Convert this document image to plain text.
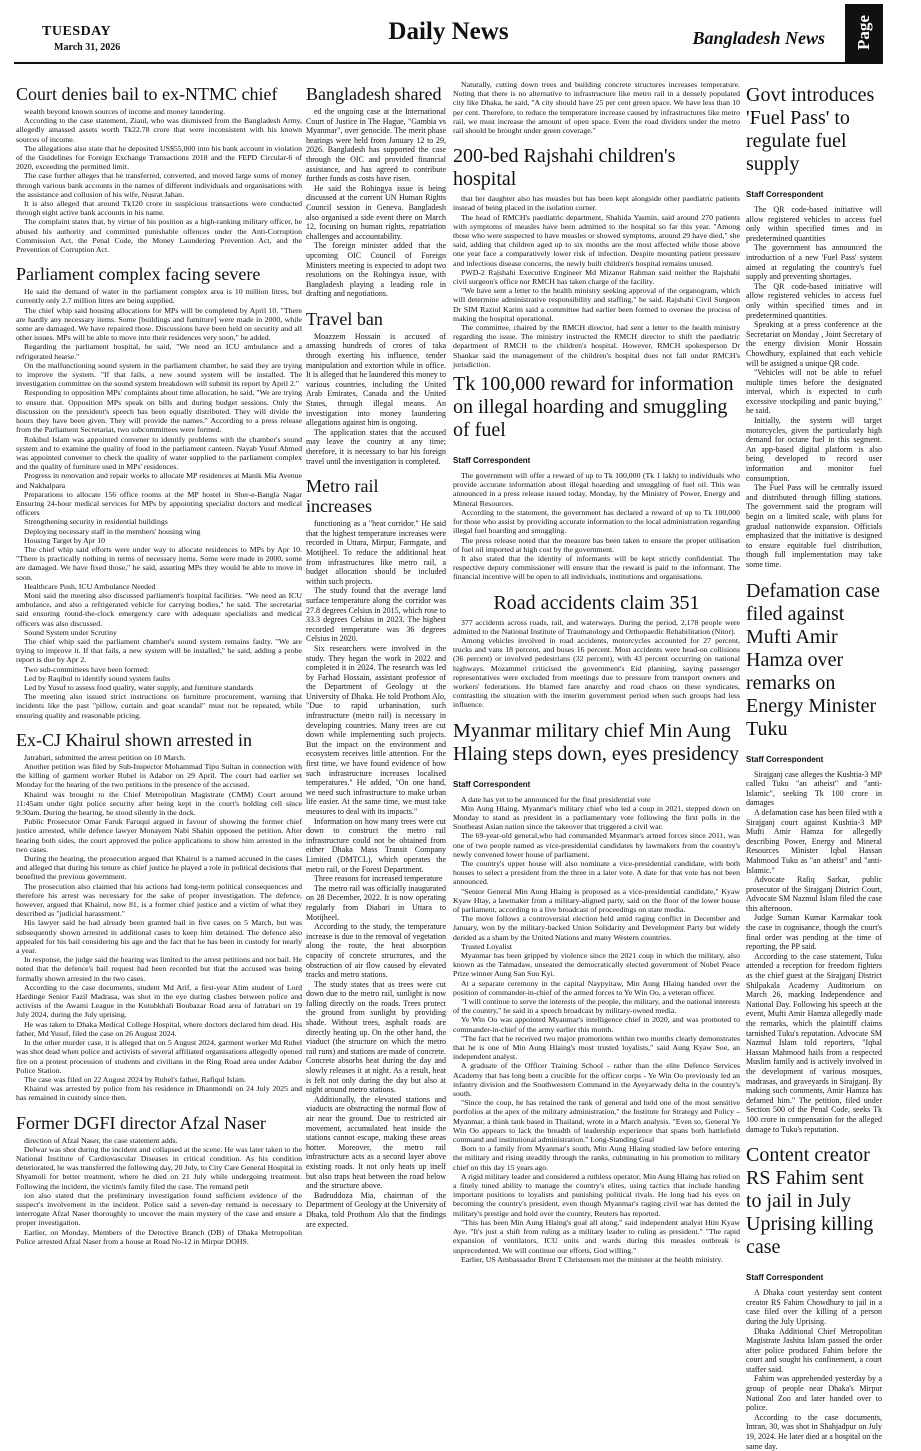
TUESDAY
March 31, 2026
Daily News	Bangladesh News	Page 11
Court denies bail to ex-NTMC chief

wealth beyond known sources of income and money laundering.

According to the case statement, Ziaul, who was dismissed from the Bangladesh Army, allegedly amassed assets worth Tk22.78 crore that were inconsistent with his known sources of income.

The allegations also state that he deposited US$55,000 into his bank account in violation of the Guidelines for Foreign Exchange Transactions 2018 and the FEPD Circular-6 of 2020, exceeding the permitted limit.

The case further alleges that he transferred, converted, and moved large sums of money through various bank accounts in the names of different individuals and organisations with the assistance and collusion of his wife, Nusrat Jahan.

It is also alleged that around Tk120 crore in suspicious transactions were conducted through eight active bank accounts in his name.

The complaint states that, by virtue of his position as a high-ranking military officer, he abused his authority and committed punishable offences under the Anti-Corruption Commission Act, the Penal Code, the Money Laundering Prevention Act, and the Prevention of Corruption Act.

Parliament complex facing severe

He said the demand of water in the parliament complex area is 10 million litres, but currently only 2.7 million litres are being supplied.

The chief whip said housing allocations for MPs will be completed by April 10. "There are hardly any necessary items. Some [buildings and furniture] were made in 2000, while some are damaged. We have repaired those. Discussions have been held on security and all other issues. MPs will be able to move into their residences very soon," he added.

Regarding the parliament hospital, he said, "We need an ICU ambulance and a refrigerated hearse."

On the malfunctioning sound system in the parliament chamber, he said they are trying to improve the system. "If that fails, a new sound system will be installed. The investigation committee on the sound system breakdown will submit its report by April 2."

Responding to opposition MPs' complaints about time allocation, he said, "We are trying to ensure that. Opposition MPs speak on bills and during budget sessions. Only the discussion on the president's speech has been equally distributed. They will divide the hours they have been given. They will provide the names." According to a press release from the Parliament Secretariat, two subcommittees were formed.

Rokibul Islam was appointed convener to identify problems with the chamber's sound system and to examine the quality of food in the parliament canteen. Nayab Yusuf Ahmed was appointed convener to check the quality of water supplied to the parliament complex and the quality of furniture used in MPs' residences.

Progress in renovation and repair works to allocate MP residences at Manik Mia Avenue and Nakhalpara

Preparations to allocate 156 office rooms at the MP hostel in Sher-e-Bangla Nagar Ensuring 24-hour medical services for MPs by appointing specialist doctors and medical officers

Strengthening security in residential buildings

Deploying necessary staff in the members' housing wing

Housing Target by Apr 10

The chief whip said efforts were under way to allocate residences to MPs by Apr 10. "There is practically nothing in terms of necessary items. Some were made in 2000, some are damaged. We have fixed those," he said, assuring MPs they would be able to move in soon.

Healthcare Push, ICU Ambulance Needed

Moni said the meeting also discussed parliament's hospital facilities. "We need an ICU ambulance, and also a refrigerated vehicle for carrying bodies," he said. The secretariat said ensuring round-the-clock emergency care with adequate specialists and medical officers was also discussed.

Sound System under Scrutiny

The chief whip said the parliament chamber's sound system remains faulty. "We are trying to improve it. If that fails, a new system will be installed," he said, adding a probe report is due by Apr 2.

Two sub-committees have been formed:

Led by Raqibul to identify sound system faults

Led by Yusuf to assess food quality, water supply, and furniture standards

The meeting also issued strict instructions on furniture procurement, warning that incidents like the past "pillow, curtain and goat scandal" must not be repeated, while ensuring quality and reasonable pricing.

Ex-CJ Khairul shown arrested in

Jatrabari, submitted the arrest petition on 10 March.

Another petition was filed by Sub-Inspector Mohammad Tipu Sultan in connection with the killing of garment worker Rubel in Adabor on 29 April. The court had earlier set Monday for the hearing of the two petitions in the presence of the accused.

Khairul was brought to the Chief Metropolitan Magistrate (CMM) Court around 11:45am under tight police security after being kept in the court's holding cell since 9:30am. During the hearing, he stood silently in the dock.

Public Prosecutor Omar Faruk Faruqui argued in favour of showing the former chief justice arrested, while defence lawyer Monayem Nabi Shahin opposed the petition. After hearing both sides, the court approved the police applications to show him arrested in the two cases.

During the hearing, the prosecution argued that Khairul is a named accused in the cases and alleged that during his tenure as chief justice he played a role in political decisions that benefited the previous government.

The prosecution also claimed that his actions had long-term political consequences and therefore his arrest was necessary for the sake of proper investigation. The defence, however, argued that Khairul, now 81, is a former chief justice and a victim of what they described as "judicial harassment."

His lawyer said he had already been granted bail in five cases on 5 March, but was subsequently shown arrested in additional cases to keep him detained. The defence also appealed for his bail considering his age and the fact that he has been in custody for nearly a year.

In response, the judge said the hearing was limited to the arrest petitions and not bail. He noted that the defence's bail request had been recorded but that the accused was being formally shown arrested in the two cases.

According to the case documents, student Md Arif, a first-year Alim student of Lord Hardinge Senior Fazil Madrasa, was shot in the eye during clashes between police and activists of the Awami League in the Kutubkhali Boubazar Road area of Jatrabari on 19 July 2024, during the July uprising.

He was taken to Dhaka Medical College Hospital, where doctors declared him dead. His father, Md Yusuf, filed the case on 26 August 2024.

In the other murder case, it is alleged that on 5 August 2024, garment worker Md Rubel was shot dead when police and activists of several affiliated organisations allegedly opened fire on a protest procession of students and civilians in the Ring Road area under Adabor Police Station.

The case was filed on 22 August 2024 by Rubel's father, Rafiqul Islam.

Khairul was arrested by police from his residence in Dhanmondi on 24 July 2025 and has remained in custody since then.

Former DGFI director Afzal Naser

direction of Afzal Naser, the case statement adds.

Delwar was shot during the incident and collapsed at the scene. He was later taken to the National Institute of Cardiovascular Diseases in critical condition. As his condition deteriorated, he was transferred the following day, 20 July, to City Care General Hospital in Shyamoli for better treatment, where he died on 21 July while undergoing treatment. Following the incident, the victim's family filed the case. The remand petit

ion also stated that the preliminary investigation found sufficient evidence of the suspect's involvement in the incident. Police said a seven-day remand is necessary to interrogate Afzal Naser thoroughly to uncover the main mystery of the case and ensure a proper investigation.

Earlier, on Monday, Members of the Detective Branch (DB) of Dhaka Metropolitan Police arrested Afzal Naser from a house at Road No-12 in Mirpur DOHS.

Bangladesh shared

ed the ongoing case at the International Court of Justice in The Hague, "Gambia vs Myanmar", over genocide. The merit phase hearings were held from January 12 to 29, 2026. Bangladesh has supported the case through the OIC and provided financial assistance, and has agreed to contribute further funds as costs have risen.

He said the Rohingya issue is being discussed at the current UN Human Rights Council session in Geneva. Bangladesh also organised a side event there on March 12, focusing on human rights, repatriation challenges and accountability.

The foreign minister added that the upcoming OIC Council of Foreign Ministers meeting is expected to adopt two resolutions on the Rohingya issue, with Bangladesh playing a leading role in drafting and negotiations.

Travel ban

Moazzem Hossain is accused of amassing hundreds of crores of taka through exerting his influence, tender manipulation and extortion while in office. It is alleged that he laundered this money to various countries, including the United Arab Emirates, Canada and the United States, through illegal means. An investigation into money laundering allegations against him is ongoing.

The application states that the accused may leave the country at any time; therefore, it is necessary to bar his foreign travel until the investigation is completed.

Metro rail increases

functioning as a "heat corridor." He said that the highest temperature increases were recorded in Uttara, Mirpur, Farmgate, and Motijheel. To reduce the additional heat from infrastructures like metro rail, a budget allocation should be included within such projects.

The study found that the average land surface temperature along the corridor was 27.8 degrees Celsius in 2015, which rose to 33.3 degrees Celsius in 2023. The highest recorded temperature was 36 degrees Celsius in 2020.

Six researchers were involved in the study. They began the work in 2022 and completed it in 2024. The research was led by Farhad Hossain, assistant professor of the Department of Geology at the University of Dhaka. He told Prothom Alo, "Due to rapid urbanisation, such infrastructure (metro rail) is necessary in developing countries. Many trees are cut down while implementing such projects. But the impact on the environment and ecosystem receives little attention. For the first time, we have found evidence of how such infrastructure increases localised temperatures." He added, "On one hand, we need such infrastructure to make urban life easier. At the same time, we must take measures to deal with its impacts."

Information on how many trees were cut down to construct the metro rail infrastructure could not be obtained from either Dhaka Mass Transit Company Limited (DMTCL), which operates the metro rail, or the Forest Department.

Three reasons for increased temperature

The metro rail was officially inaugurated on 28 December, 2022. It is now operating regularly from Diabari in Uttara to Motijheel.

According to the study, the temperature increase is due to the removal of vegetation along the route, the heat absorption capacity of concrete structures, and the obstruction of air flow caused by elevated tracks and metro stations.

The study states that as trees were cut down due to the metro rail, sunlight is now falling directly on the roads. Trees protect the ground from sunlight by providing shade. Without trees, asphalt roads are directly heating up. On the other hand, the viaduct (the structure on which the metro rail runs) and stations are made of concrete. Concrete absorbs heat during the day and slowly releases it at night. As a result, heat is felt not only during the day but also at night around metro stations.

Additionally, the elevated stations and viaducts are obstructing the normal flow of air near the ground. Due to restricted air movement, accumulated heat inside the stations cannot escape, making these areas hotter. Moreover, the metro rail infrastructure acts as a second layer above existing roads. It not only heats up itself but also traps heat between the road below and the structure above.

Badruddoza Mia, chairman of the Department of Geology at the University of Dhaka, told Prothom Alo that the findings are expected.

Naturally, cutting down trees and building concrete structures increases temperature. Noting that there is no alternative to infrastructure like metro rail in a densely populated city like Dhaka, he said, "A city should have 25 per cent green space. We have less than 10 per cent. Therefore, to reduce the temperature increase caused by infrastructures like metro rail, we must increase the amount of open space. Even the road dividers under the metro rail should be brought under green coverage."

200-bed Rajshahi children's hospital

that her daughter also has measles but has been kept alongside other paediatric patients instead of being placed in the isolation corner.

The head of RMCH's paediatric department, Shahida Yasmin, said around 270 patients with symptoms of measles have been admitted to the hospital so far this year. "Among those who were suspected to have measles or showed symptoms, around 29 have died," she said, adding that children aged up to six months are the most affected while those above one year face a comparatively lower risk of infection. Despite mounting patient pressure and infectious disease concerns, the newly built children's hospital remains unused.

PWD-2 Rajshahi Executive Engineer Md Mizanur Rahman said neither the Rajshahi civil surgeon's office nor RMCH has taken charge of the facility.

"We have sent a letter to the health ministry seeking approval of the organogram, which will determine administrative responsibility and staffing," he said. Rajshahi Civil Surgeon Dr SIM Raziul Karim said a committee had earlier been formed to oversee the process of making the hospital operational.

The committee, chaired by the RMCH director, had sent a letter to the health ministry regarding the issue. The ministry instructed the RMCH director to shift the paediatric department of RMCH to the children's hospital. However, RMCH spokesperson Dr Shankar said the management of the children's hospital does not fall under RMCH's jurisdiction.

Tk 100,000 reward for information on illegal hoarding and smuggling of fuel
Staff Correspondent

The government will offer a reward of up to Tk 100,000 (Tk 1 lakh) to individuals who provide accurate information about illegal hoarding and smuggling of fuel oil. This was announced in a press release issued today, Monday, by the Ministry of Power, Energy and Mineral Resources.

According to the statement, the government has declared a reward of up to Tk 100,000 for those who assist by providing accurate information to the local administration regarding illegal fuel hoarding and smuggling.

The press release noted that the measure has been taken to ensure the proper utilisation of fuel oil imported at high cost by the government.

It also stated that the identity of informants will be kept strictly confidential. The respective deputy commissioner will ensure that the reward is paid to the informant. The financial incentive will be open to all individuals, institutions and organisations.

Road accidents claim 351

377 accidents across roads, rail, and waterways. During the period, 2,178 people were admitted to the National Institute of Traumatology and Orthopaedic Rehabilitation (Nitor).

Among vehicles involved in road accidents, motorcycles accounted for 27 percent, trucks and vans 18 percent, and buses 16 percent. Most accidents were head-on collisions (36 percent) or involved pedestrians (32 percent), with 43 percent occurring on national highways. Mozammel criticised the government's Eid planning, saying passenger representatives were excluded from meetings due to pressure from transport owners and workers' federations. He blamed fare anarchy and road chaos on these syndicates, contrasting the situation with the interim government period when such groups had less influence.

Myanmar military chief Min Aung Hlaing steps down, eyes presidency
Staff Correspondent

A date has yet to be announced for the final presidential vote

Min Aung Hlaing, Myanmar's military chief who led a coup in 2021, stepped down on Monday to stand as president in a parliamentary vote following the first polls in the Southeast Asian nation since the takeover that triggered a civil war.

The 69-year-old general,who had commanded Myanmar's armed forces since 2011, was one of two people named as vice-presidential candidates by lawmakers from the country's newly convened lower house of parliament.

The country's upper house will also nominate a vice-presidential candidate, with both houses to select a president from the three in a later vote. A date for that vote has not been announced.

"Senior General Min Aung Hlaing is proposed as a vice-presidential candidate," Kyaw Kyaw Htay, a lawmaker from a military-aligned party, said on the floor of the lower house of parliament, according to a live broadcast of proceedings on state media.

The move follows a controversial election held amid raging conflict in December and January, won by the military-backed Union Solidarity and Development Party but widely derided as a sham by the United Nations and many Western countries.

Trusted Loyalist

Myanmar has been gripped by violence since the 2021 coup in which the military, also known as the Tatmadaw, unseated the democratically elected government of Nobel Peace Prize winner Aung San Suu Kyi.

At a separate ceremony in the capital Naypyitaw, Min Aung Hlaing handed over the position of commander-in-chief of the armed forces to Ye Win Oo, a veteran officer.

"I will continue to serve the interests of the people, the military, and the national interests of the country," he said in a speech broadcast by military-owned media.

Ye Win Oo was appointed Myanmar's intelligence chief in 2020, and was promoted to commander-in-chief of the army earlier this month.

"The fact that he received two major promotions within two months clearly demonstrates that he is one of Min Aung Hlaing's most trusted loyalists," said Aung Kyaw Soe, an independent analyst.

A graduate of the Officer Training School - rather than the elite Defence Services Academy that has long been a crucible for the officer corps - Ye Win Oo previously led an infantry division and the Southwestern Command in the Ayeyarwady delta in the country's south.

"Since the coup, he has retained the rank of general and held one of the most sensitive portfolios at the apex of the military administration," the Institute for Strategy and Policy – Myanmar, a think tank based in Thailand, wrote in a March analysis. "Even so, General Ye Win Oo appears to lack the breadth of leadership experience that spans both battlefield command and institutional administration." Long-Standing Goal

Born to a family from Myanmar's south, Min Aung Hlaing studied law before entering the military and rising steadily through the ranks, culminating in his promotion to military chief on this day 15 years ago.

A rigid military leader and considered a ruthless operator, Min Aung Hlaing has relied on a finely tuned ability to manage the country's elites, using tactics that include handing important positions to loyalists and punishing political rivals. He long had his eyes on becoming the country's president, even though Myanmar's raging civil war has dented the military's prestige and hold over the country, Reuters has reported.

"This has been Min Aung Hlaing's goal all along," said independent analyst Htin Kyaw Aye. "It's just a shift from ruling as a military leader to ruling as president." "The rapid expansion of ventilators, ICU units and wards during this measles outbreak is unprecedented. We will continue our efforts, God willing."

Earlier, US Ambassador Brent T Christensen met the minister at the health ministry.

Govt introduces 'Fuel Pass' to regulate fuel supply
Staff Correspondent

The QR code-based initiative will allow registered vehicles to access fuel only within specified times and in predetermined quantities

The government has announced the introduction of a new 'Fuel Pass' system aimed at regulating the country's fuel supply and preventing shortages.

The QR code-based initiative will allow registered vehicles to access fuel only within specified times and in predetermined quantities.

Speaking at a press conference at the Secretariat on Monday , Joint Secretary of the energy division Monir Hossain Chowdhury, explained that each vehicle will be assigned a unique QR code.

"Vehicles will not be able to refuel multiple times before the designated interval, which is expected to curb excessive stockpiling and panic buying," he said.

Initially, the system will target motorcycles, given the particularly high demand for octane fuel in this segment. An app-based digital platform is also being developed to record user information and monitor fuel consumption.

The Fuel Pass will be centrally issued and distributed through filling stations. The government said the program will begin on a limited scale, with plans for gradual nationwide expansion. Officials emphasized that the initiative is designed to ensure equitable fuel distribution, though full implementation may take some time.

Defamation case filed against Mufti Amir Hamza over remarks on Energy Minister Tuku
Staff Correspondent

Sirajganj case alleges the Kushtia-3 MP called Tuku "an atheist" and "anti-Islamic", seeking Tk 100 crore in damages

A defamation case has been filed with a Sirajganj court against Kushtia-3 MP Mufti Amir Hamza for allegedly describing Power, Energy and Mineral Resources Minister Iqbal Hassan Mahmood Tuku as "an atheist" and "anti-Islamic."

Advocate Rafiq Sarkar, public prosecutor of the Sirajganj District Court, Advocate SM Nazmul Islam filed the case this afternoon.

Judge Suman Kumar Karmakar took the case in cognisance, though the court's final order was pending at the time of reporting, the PP said.

According to the case statement, Tuku attended a reception for freedom fighters as the chief guest at the Sirajganj District Shilpakala Academy Auditorium on March 26, marking Independence and National Day. Following his speech at the event, Mufti Amir Hamza allegedly made the remarks, which the plaintiff claims tarnished Tuku's reputation. Advocate SM Nazmul Islam told reporters, "Iqbal Hassan Mahmood hails from a respected Muslim family and is actively involved in the development of various mosques, madrasas, and graveyards in Sirajganj. By making such comments, Amir Hamza has defamed him." The petition, filed under Section 500 of the Penal Code, seeks Tk 100 crore in compensation for the alleged damage to Tuku's reputation.

Content creator RS Fahim sent to jail in July Uprising killing case
Staff Correspondent

A Dhaka court yesterday sent content creator RS Fahim Chowdhury to jail in a case filed over the killing of a person during the July Uprising.

Dhaka Additional Chief Metropolitan Magistrate Jashita Islam passed the order after police produced Fahim before the court and sought his confinement, a court staffer said.

Fahim was apprehended yesterday by a group of people near Dhaka's Mirpur National Zoo and later handed over to police.

According to the case documents, Imran, 30, was shot in Shahjadpur on July 19, 2024. He later died at a hospital on the same day.
